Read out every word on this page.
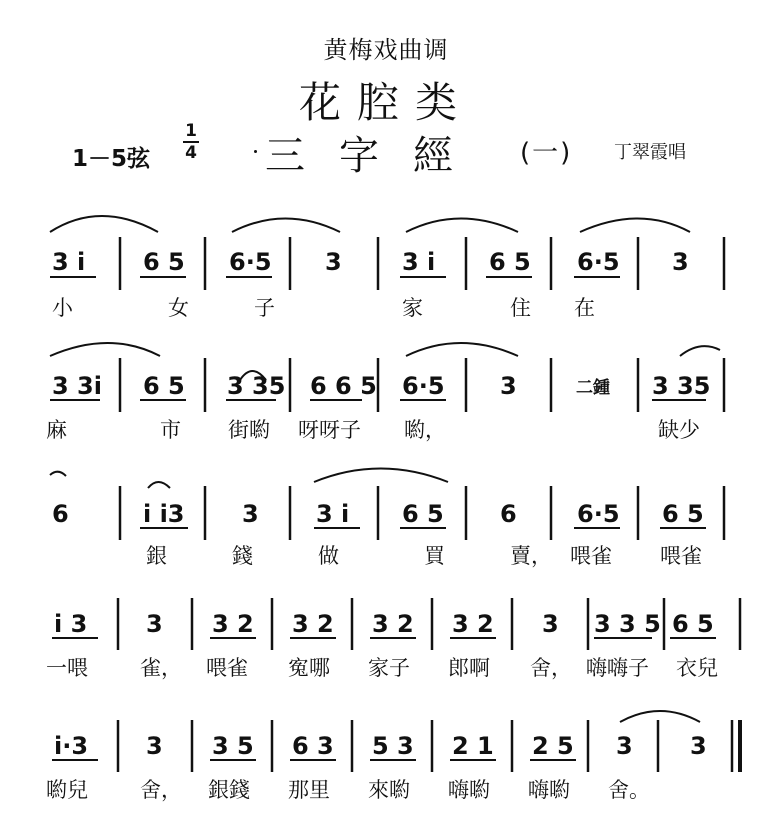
黄梅戏曲调
花腔类
1－5弦
1
4 三字經 (一) 丁翠霞唱
3 i 6 5 6·5 3	3 i 6 5 6·5 3
小	女	子	家	住 在
3 3i 6 5 3 35 6 6 5 6·5 3	二鍾 3 35
麻	市 街喲 呀呀子 喲，	缺少
6	i i3 3 3 i 6 5 6	6·5 6 5
銀	錢	做	買	賣， 喂雀 喂雀
i 3 3 3 2 3 2 3 2 3 2 3 3 3 5 6 5
一喂 雀， 喂雀 寃哪 家子 郎啊 舍， 嗨嗨子 衣兒
i·3 3 3 5 6 3 5 3 2 1 2 5 3 3
喲兒 舍， 銀錢 那里 來喲 嗨喲 嗨喲 舍。
